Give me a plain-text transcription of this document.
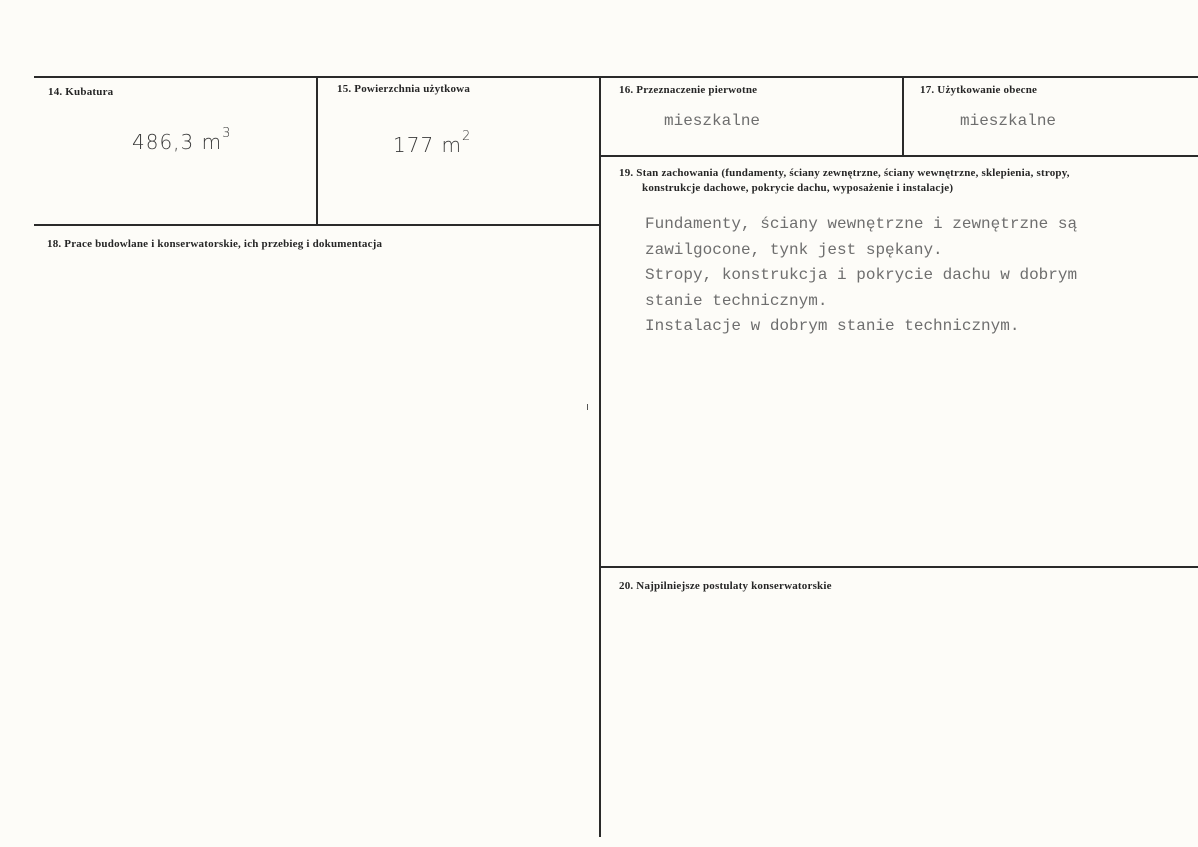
14. Kubatura
486,3 $m^3$
15. Powierzchnia użytkowa
177 $m^2$
16. Przeznaczenie pierwotne
mieszkalne
17. Użytkowanie obecne
mieszkalne
18. Prace budowlane i konserwatorskie, ich przebieg i dokumentacja
19. Stan zachowania (fundamenty, ściany zewnętrzne, ściany wewnętrzne, sklepienia, stropy,
konstrukcje dachowe, pokrycie dachu, wyposażenie i instalacje)
Fundamenty, ściany wewnętrzne i zewnętrzne są
zawilgocone, tynk jest spękany.
Stropy, konstrukcja i pokrycie dachu w dobrym
stanie technicznym.
Instalacje w dobrym stanie technicznym.
20. Najpilniejsze postulaty konserwatorskie
